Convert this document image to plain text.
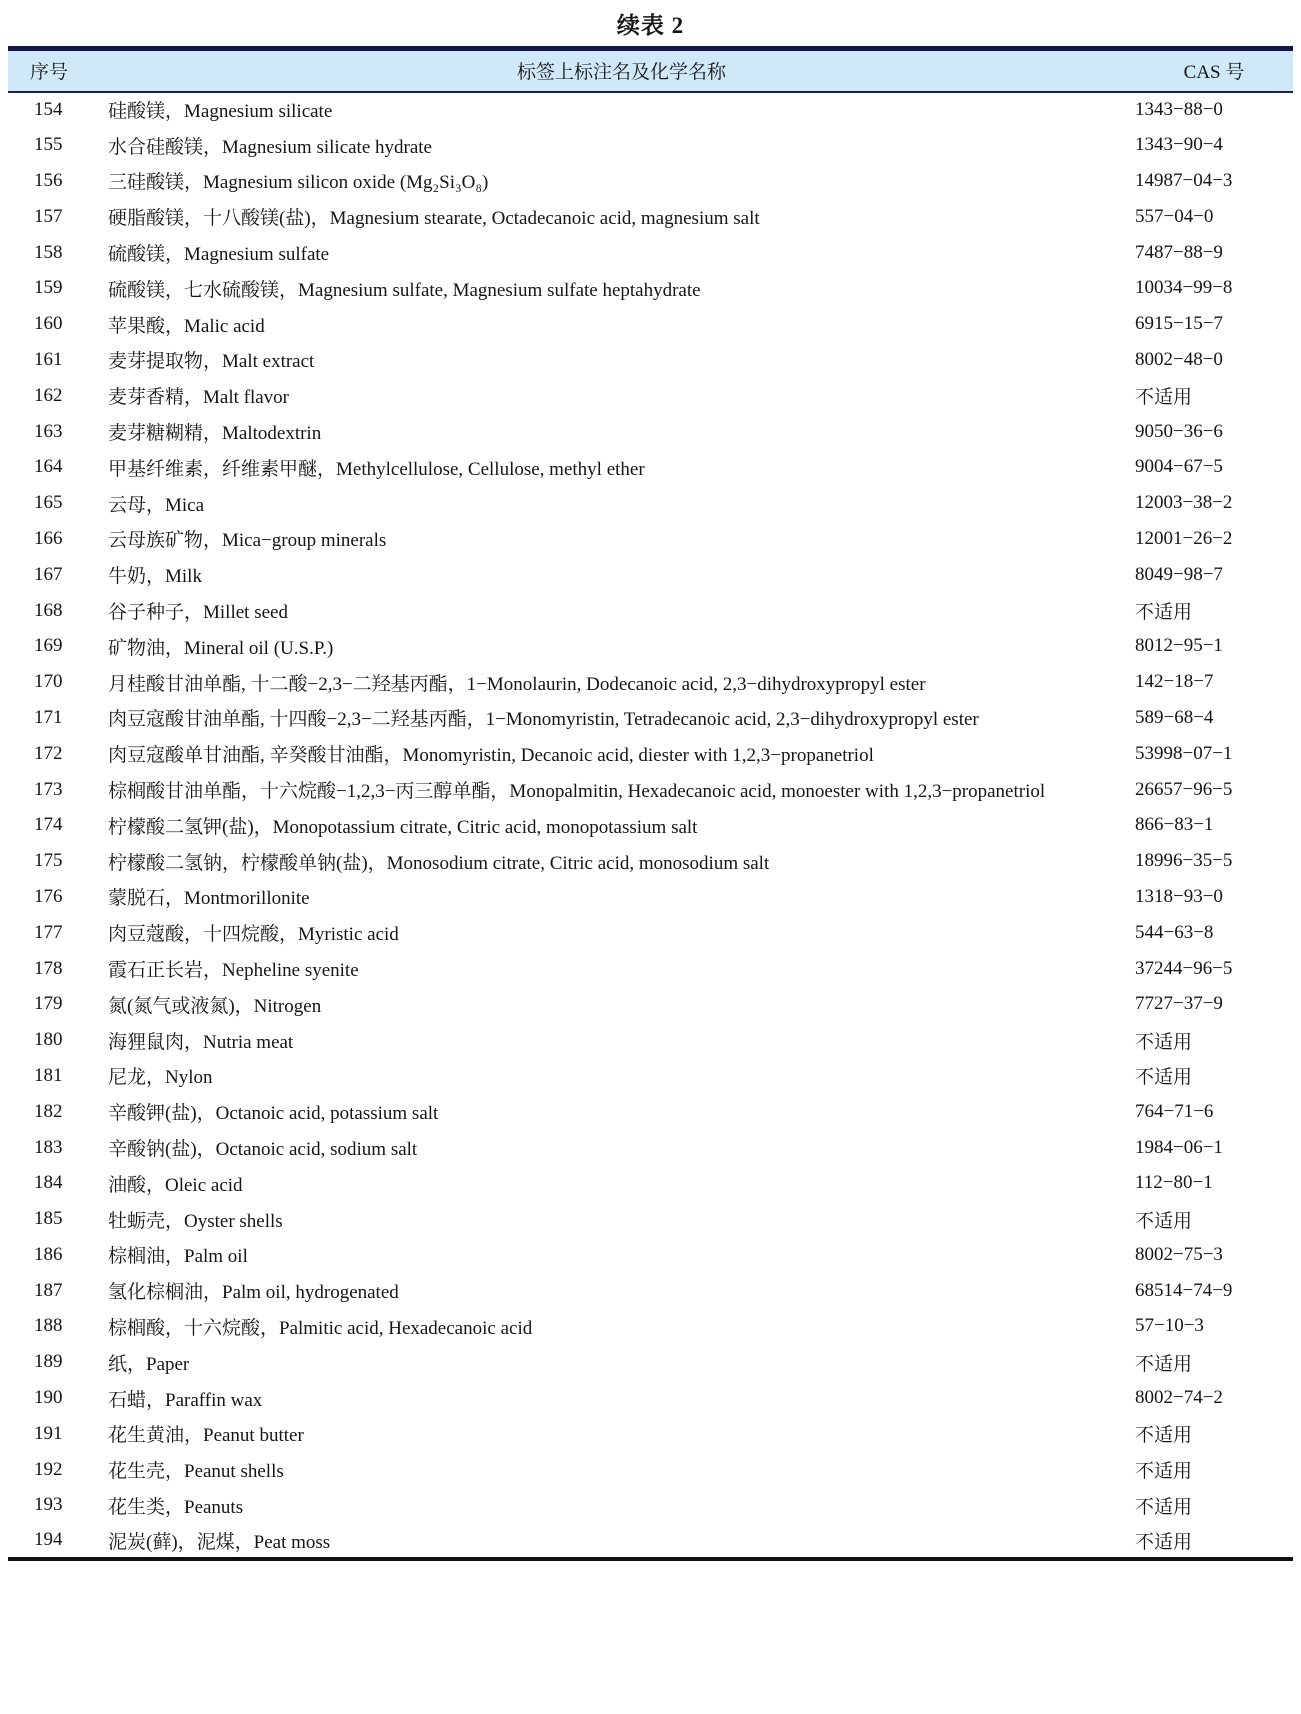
续表 2
序号	标签上标注名及化学名称	CAS 号
154	硅酸镁，Magnesium silicate	1343−88−0
155	水合硅酸镁，Magnesium silicate hydrate	1343−90−4
156	三硅酸镁，Magnesium silicon oxide (Mg₂Si₃O₈)	14987−04−3
157	硬脂酸镁，十八酸镁(盐)，Magnesium stearate, Octadecanoic acid, magnesium salt	557−04−0
158	硫酸镁，Magnesium sulfate	7487−88−9
159	硫酸镁，七水硫酸镁，Magnesium sulfate, Magnesium sulfate heptahydrate	10034−99−8
160	苹果酸，Malic acid	6915−15−7
161	麦芽提取物，Malt extract	8002−48−0
162	麦芽香精，Malt flavor	不适用
163	麦芽糖糊精，Maltodextrin	9050−36−6
164	甲基纤维素，纤维素甲醚，Methylcellulose, Cellulose, methyl ether	9004−67−5
165	云母，Mica	12003−38−2
166	云母族矿物，Mica−group minerals	12001−26−2
167	牛奶，Milk	8049−98−7
168	谷子种子，Millet seed	不适用
169	矿物油，Mineral oil (U.S.P.)	8012−95−1
170	月桂酸甘油单酯, 十二酸−2,3−二羟基丙酯，1−Monolaurin, Dodecanoic acid, 2,3−dihydroxypropyl ester	142−18−7
171	肉豆寇酸甘油单酯, 十四酸−2,3−二羟基丙酯，1−Monomyristin, Tetradecanoic acid, 2,3−dihydroxypropyl ester	589−68−4
172	肉豆寇酸单甘油酯, 辛癸酸甘油酯，Monomyristin, Decanoic acid, diester with 1,2,3−propanetriol	53998−07−1
173	棕榈酸甘油单酯，十六烷酸−1,2,3−丙三醇单酯，Monopalmitin, Hexadecanoic acid, monoester with 1,2,3−propanetriol	26657−96−5
174	柠檬酸二氢钾(盐)，Monopotassium citrate, Citric acid, monopotassium salt	866−83−1
175	柠檬酸二氢钠，柠檬酸单钠(盐)，Monosodium citrate, Citric acid, monosodium salt	18996−35−5
176	蒙脱石，Montmorillonite	1318−93−0
177	肉豆蔻酸，十四烷酸，Myristic acid	544−63−8
178	霞石正长岩，Nepheline syenite	37244−96−5
179	氮(氮气或液氮)，Nitrogen	7727−37−9
180	海狸鼠肉，Nutria meat	不适用
181	尼龙，Nylon	不适用
182	辛酸钾(盐)，Octanoic acid, potassium salt	764−71−6
183	辛酸钠(盐)，Octanoic acid, sodium salt	1984−06−1
184	油酸，Oleic acid	112−80−1
185	牡蛎壳，Oyster shells	不适用
186	棕榈油，Palm oil	8002−75−3
187	氢化棕榈油，Palm oil, hydrogenated	68514−74−9
188	棕榈酸，十六烷酸，Palmitic acid, Hexadecanoic acid	57−10−3
189	纸，Paper	不适用
190	石蜡，Paraffin wax	8002−74−2
191	花生黄油，Peanut butter	不适用
192	花生壳，Peanut shells	不适用
193	花生类，Peanuts	不适用
194	泥炭(藓)，泥煤，Peat moss	不适用
